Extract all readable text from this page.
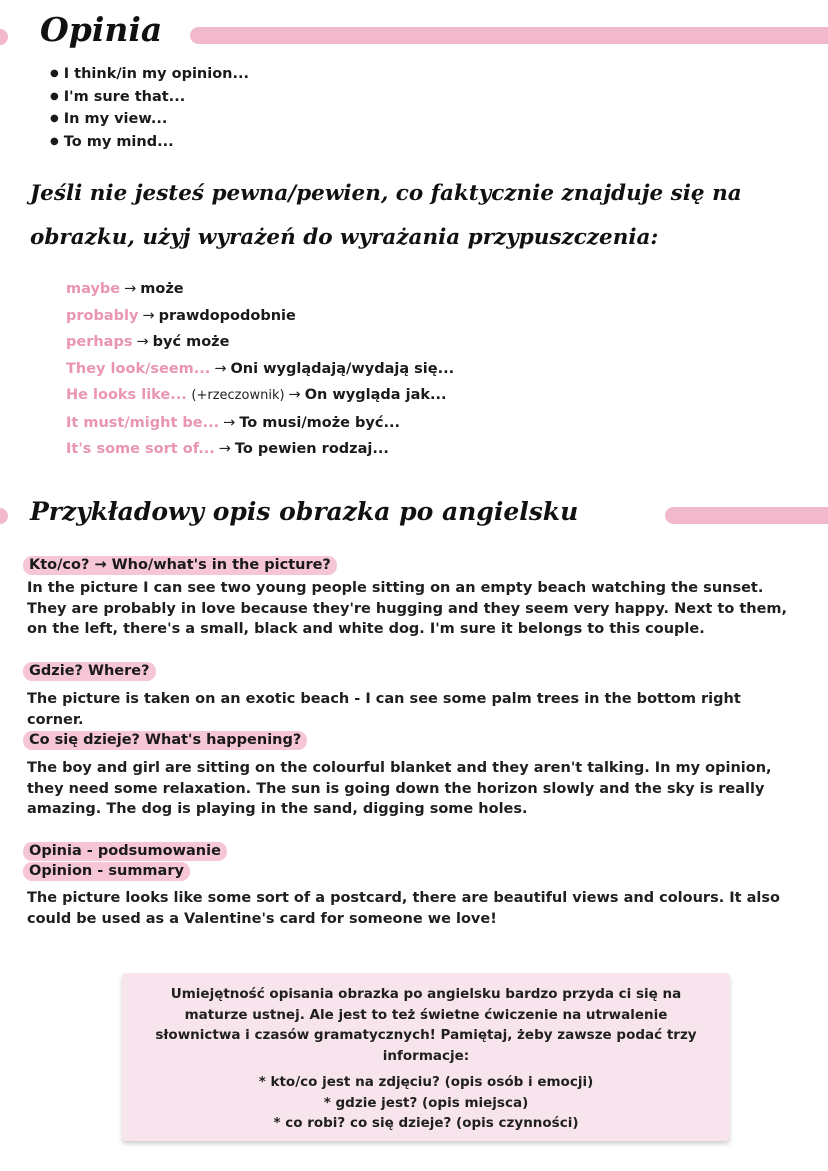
Opinia
● I think/in my opinion...
● I'm sure that...
● In my view...
● To my mind...
Jeśli nie jesteś pewna/pewien, co faktycznie znajduje się na
obrazku, użyj wyrażeń do wyrażania przypuszczenia:
maybe → może
probably → prawdopodobnie
perhaps → być może
They look/seem... → Oni wyglądają/wydają się...
He looks like... (+rzeczownik) → On wygląda jak...
It must/might be... → To musi/może być...
It's some sort of... → To pewien rodzaj...
Przykładowy opis obrazka po angielsku
Kto/co? → Who/what's in the picture?
In the picture I can see two young people sitting on an empty beach watching the sunset. They are probably in love because they're hugging and they seem very happy. Next to them, on the left, there's a small, black and white dog. I'm sure it belongs to this couple.
Gdzie? Where?
The picture is taken on an exotic beach - I can see some palm trees in the bottom right corner.
Co się dzieje? What's happening?
The boy and girl are sitting on the colourful blanket and they aren't talking. In my opinion, they need some relaxation. The sun is going down the horizon slowly and the sky is really amazing. The dog is playing in the sand, digging some holes.
Opinia - podsumowanie
Opinion - summary
The picture looks like some sort of a postcard, there are beautiful views and colours. It also could be used as a Valentine's card for someone we love!
Umiejętność opisania obrazka po angielsku bardzo przyda ci się na maturze ustnej. Ale jest to też świetne ćwiczenie na utrwalenie słownictwa i czasów gramatycznych! Pamiętaj, żeby zawsze podać trzy informacje:
* kto/co jest na zdjęciu? (opis osób i emocji)
* gdzie jest? (opis miejsca)
* co robi? co się dzieje? (opis czynności)
